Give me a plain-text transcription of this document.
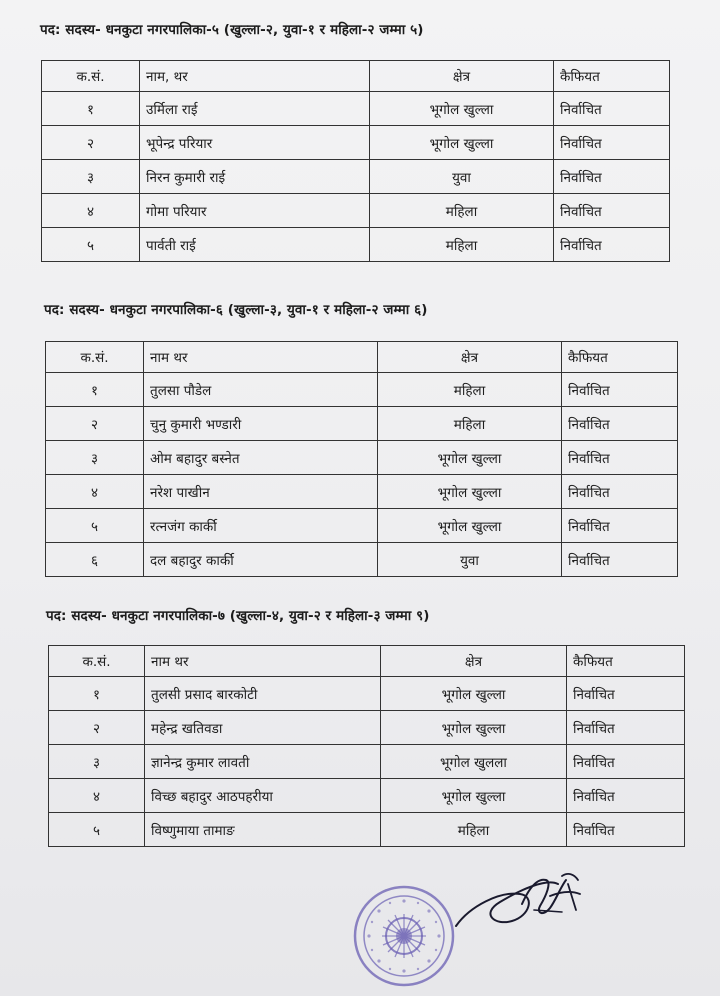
पद: सदस्य- धनकुटा नगरपालिका-५ (खुल्ला-२, युवा-१ र महिला-२ जम्मा ५)
क.सं.	नाम, थर	क्षेत्र	कैफियत
१	उर्मिला राई	भूगोल खुल्ला	निर्वाचित
२	भूपेन्द्र परियार	भूगोल खुल्ला	निर्वाचित
३	निरन कुमारी राई	युवा	निर्वाचित
४	गोमा परियार	महिला	निर्वाचित
५	पार्वती राई	महिला	निर्वाचित
पद: सदस्य- धनकुटा नगरपालिका-६ (खुल्ला-३, युवा-१ र महिला-२ जम्मा ६)
क.सं.	नाम थर	क्षेत्र	कैफियत
१	तुलसा पौडेल	महिला	निर्वाचित
२	चुनु कुमारी भण्डारी	महिला	निर्वाचित
३	ओम बहादुर बस्नेत	भूगोल खुल्ला	निर्वाचित
४	नरेश पाखीन	भूगोल खुल्ला	निर्वाचित
५	रत्नजंग कार्की	भूगोल खुल्ला	निर्वाचित
६	दल बहादुर कार्की	युवा	निर्वाचित
पद: सदस्य- धनकुटा नगरपालिका-७ (खुल्ला-४, युवा-२ र महिला-३ जम्मा ९)
क.सं.	नाम थर	क्षेत्र	कैफियत
१	तुलसी प्रसाद बारकोटी	भूगोल खुल्ला	निर्वाचित
२	महेन्द्र खतिवडा	भूगोल खुल्ला	निर्वाचित
३	ज्ञानेन्द्र कुमार लावती	भूगोल खुलला	निर्वाचित
४	विच्छ बहादुर आठपहरीया	भूगोल खुल्ला	निर्वाचित
५	विष्णुमाया तामाङ	महिला	निर्वाचित
